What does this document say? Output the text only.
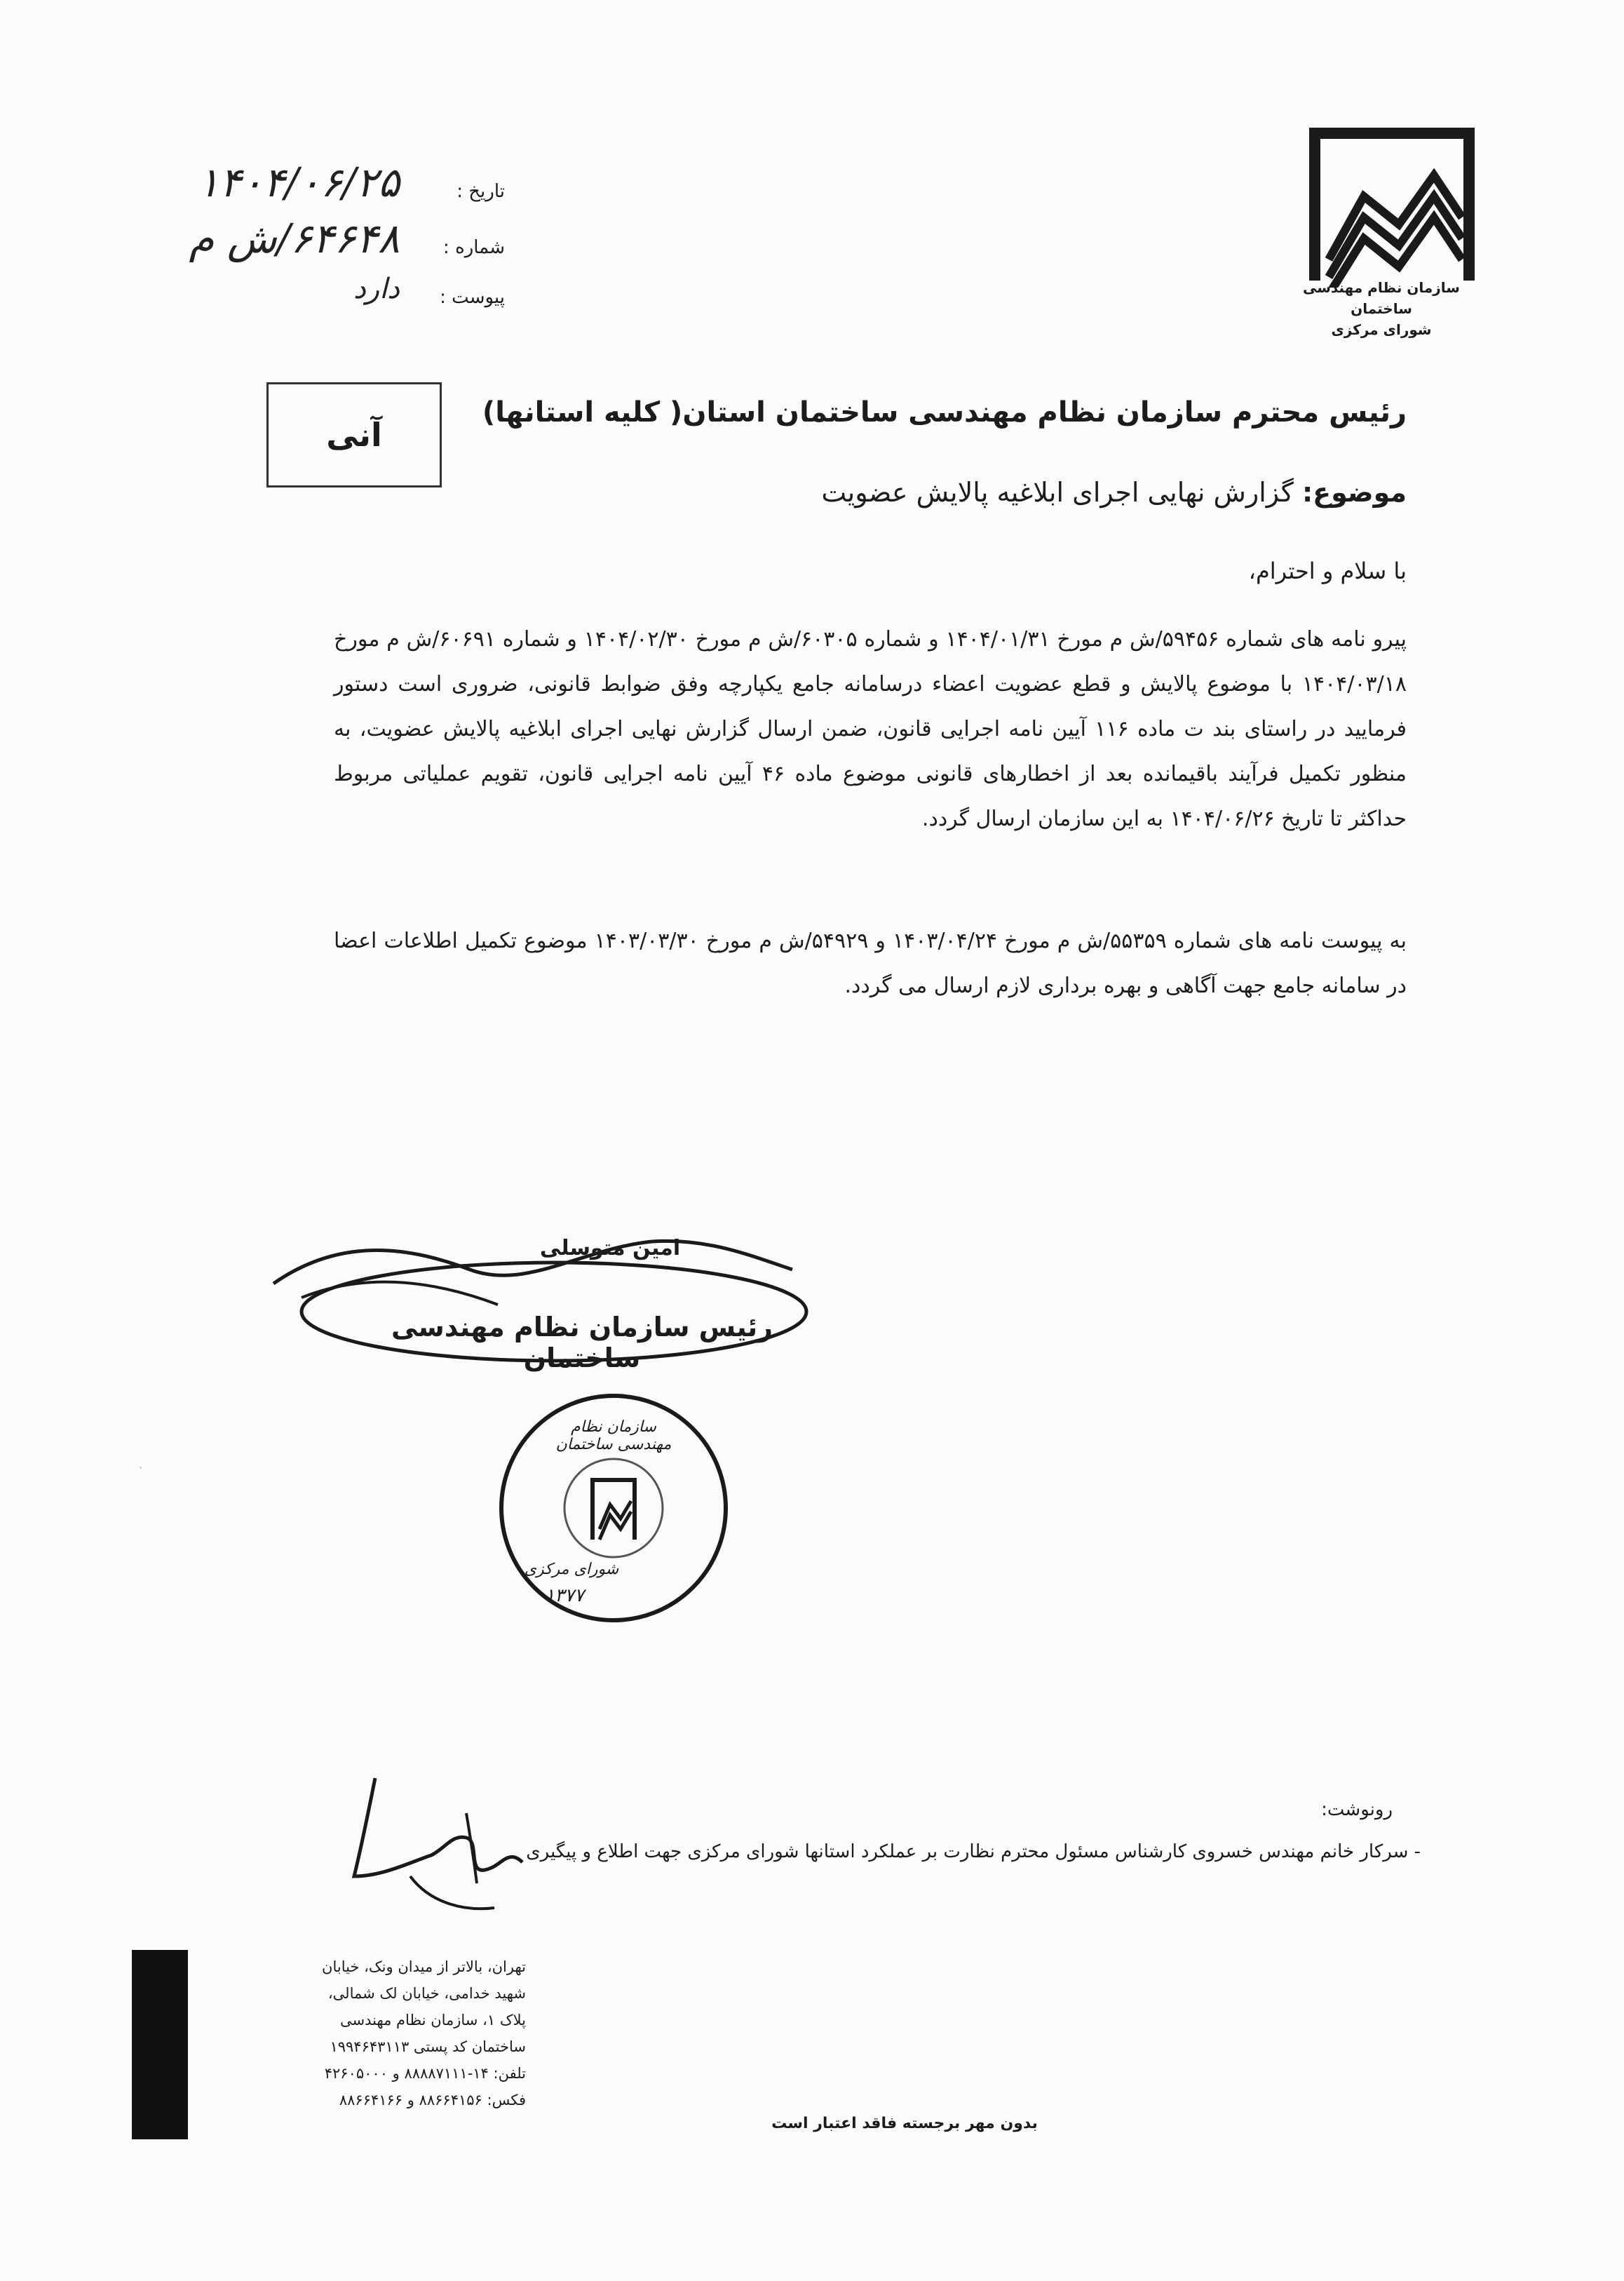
سازمان نظام مهندسی ساختمان
شورای مرکزی
تاریخ :
۱۴۰۴/۰۶/۲۵
شماره :
۶۴۶۴۸/ش م
پیوست :
دارد
آنی
رئیس محترم سازمان نظام مهندسی ساختمان استان( کلیه استانها)
موضوع: گزارش نهایی اجرای ابلاغیه پالایش عضویت
با سلام و احترام،
پیرو نامه های شماره ۵۹۴۵۶/ش م مورخ ۱۴۰۴/۰۱/۳۱ و شماره ۶۰۳۰۵/ش م مورخ ۱۴۰۴/۰۲/۳۰ و شماره ۶۰۶۹۱/ش م مورخ ۱۴۰۴/۰۳/۱۸ با موضوع پالایش و قطع عضویت اعضاء درسامانه جامع یکپارچه وفق ضوابط قانونی، ضروری است دستور فرمایید در راستای بند ت ماده ۱۱۶ آیین نامه اجرایی قانون، ضمن ارسال گزارش نهایی اجرای ابلاغیه پالایش عضویت، به منظور تکمیل فرآیند باقیمانده بعد از اخطارهای قانونی موضوع ماده ۴۶ آیین نامه اجرایی قانون، تقویم عملیاتی مربوط حداکثر تا تاریخ ۱۴۰۴/۰۶/۲۶ به این سازمان ارسال گردد.
به پیوست نامه های شماره ۵۵۳۵۹/ش م مورخ ۱۴۰۳/۰۴/۲۴ و ۵۴۹۲۹/ش م مورخ ۱۴۰۳/۰۳/۳۰ موضوع تکمیل اطلاعات اعضا در سامانه جامع جهت آگاهی و بهره برداری لازم ارسال می گردد.
امین متوسلی
رئیس سازمان نظام مهندسی ساختمان
سازمان نظام مهندسی ساختمان
شورای مرکزی
۱۳۷۷
·
رونوشت:
- سرکار خانم مهندس خسروی کارشناس مسئول محترم نظارت بر عملکرد استانها شورای مرکزی جهت اطلاع و پیگیری
تهران، بالاتر از میدان ونک، خیابان
شهید خدامی، خیابان لک شمالی،
پلاک ۱، سازمان نظام مهندسی
ساختمان کد پستی ۱۹۹۴۶۴۳۱۱۳
تلفن: ۱۴-۸۸۸۸۷۱۱۱ و ۴۲۶۰۵۰۰۰
فکس: ۸۸۶۶۴۱۵۶ و ۸۸۶۶۴۱۶۶
بدون مهر برجسته فاقد اعتبار است
